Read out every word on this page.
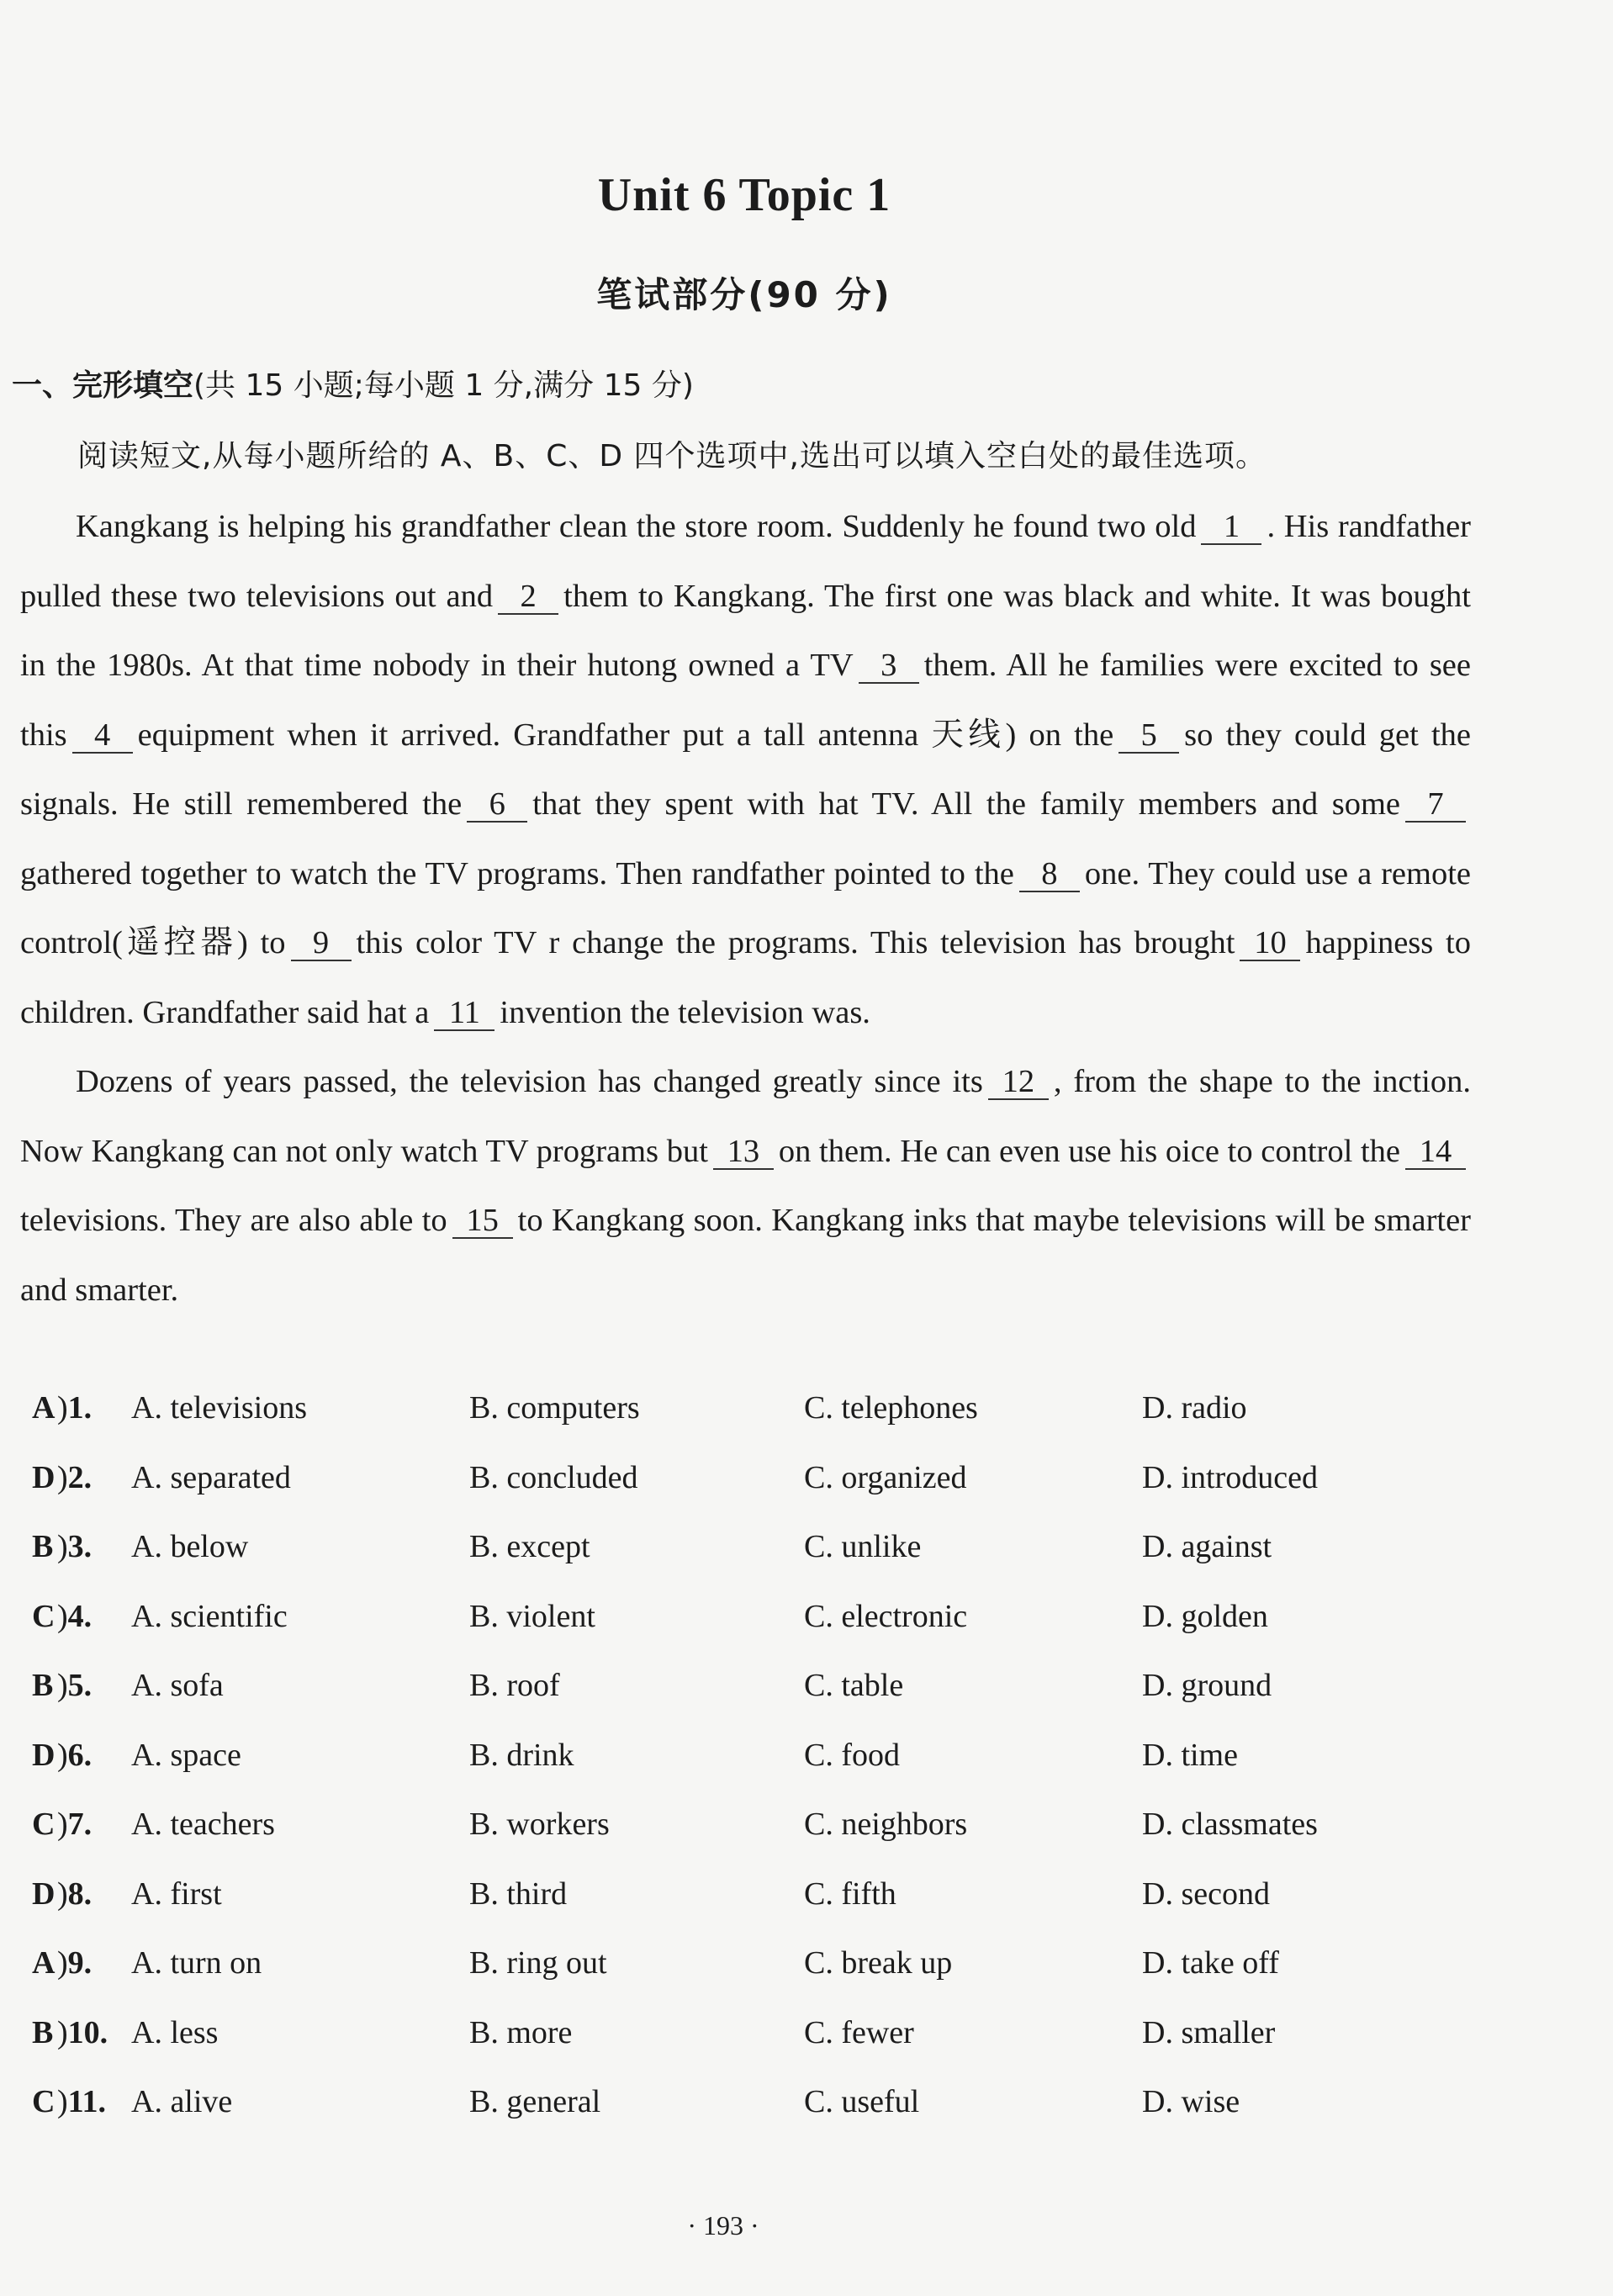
Unit 6 Topic 1
笔试部分(90 分)
一、完形填空(共 15 小题;每小题 1 分,满分 15 分)
阅读短文,从每小题所给的 A、B、C、D 四个选项中,选出可以填入空白处的最佳选项。

Kangkang is helping his grandfather clean the store room. Suddenly he found two old 1 . His randfather pulled these two televisions out and 2 them to Kangkang. The first one was black and white. It was bought in the 1980s. At that time nobody in their hutong owned a TV 3 them. All he families were excited to see this 4 equipment when it arrived. Grandfather put a tall antenna 天线) on the 5 so they could get the signals. He still remembered the 6 that they spent with hat TV. All the family members and some 7gathered together to watch the TV programs. Then randfather pointed to the 8 one. They could use a remote control(遥控器) to 9 this color TV r change the programs. This television has brought 10 happiness to children. Grandfather said hat a 11 invention the television was.

Dozens of years passed, the television has changed greatly since its 12 , from the shape to the inction. Now Kangkang can not only watch TV programs but 13 on them. He can even use his oice to control the 14televisions. They are also able to 15 to Kangkang soon. Kangkang inks that maybe televisions will be smarter and smarter.

A )1. A. televisions	B. computers	C. telephones	D. radio
D )2. A. separated	B. concluded	C. organized	D. introduced
B )3. A. below	B. except	C. unlike	D. against
C )4. A. scientific	B. violent	C. electronic	D. golden
B )5. A. sofa	B. roof	C. table	D. ground
D )6. A. space	B. drink	C. food	D. time
C )7. A. teachers	B. workers	C. neighbors	D. classmates
D )8. A. first	B. third	C. fifth	D. second
A )9. A. turn on	B. ring out	C. break up	D. take off
B )10. A. less	B. more	C. fewer	D. smaller
C )11. A. alive	B. general	C. useful	D. wise
· 193 ·
